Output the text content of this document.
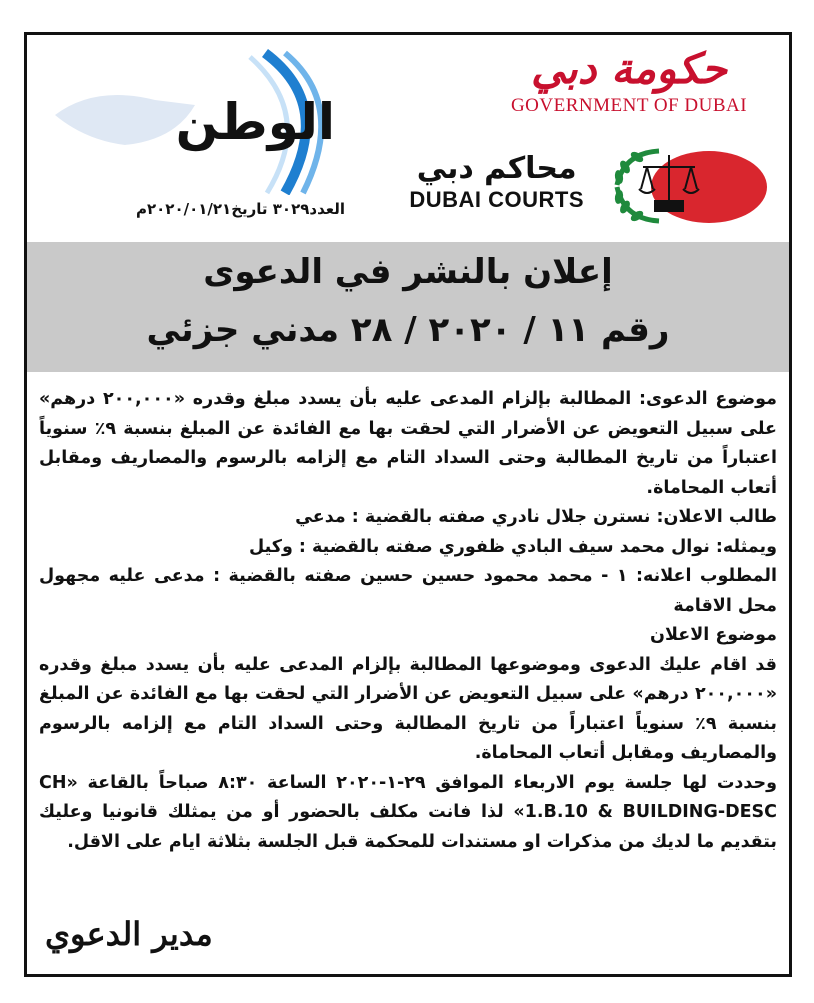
حكومة دبي
GOVERNMENT OF DUBAI
محاكم دبي
DUBAI COURTS
الوطن
العدد٣٠٢٩ تاريخ٢٠٢٠/٠١/٢١م
إعلان بالنشر في الدعوى
رقم ١١ / ٢٠٢٠ / ٢٨ مدني جزئي

موضوع الدعوى: المطالبة بإلزام المدعى عليه بأن يسدد مبلغ وقدره «٢٠٠,٠٠٠ درهم» على سبيل التعويض عن الأضرار التي لحقت بها مع الفائدة عن المبلغ بنسبة ٩٪ سنوياً اعتباراً من تاريخ المطالبة وحتى السداد التام مع إلزامه بالرسوم والمصاريف ومقابل أتعاب المحاماة.

طالب الاعلان: نسترن جلال نادري صفته بالقضية : مدعي

ويمثله: نوال محمد سيف البادي ظفوري صفته بالقضية : وكيل

المطلوب اعلانه: ١ - محمد محمود حسين حسين صفته بالقضية : مدعى عليه مجهول محل الاقامة

موضوع الاعلان

قد اقام عليك الدعوى وموضوعها المطالبة بإلزام المدعى عليه بأن يسدد مبلغ وقدره «٢٠٠,٠٠٠ درهم» على سبيل التعويض عن الأضرار التي لحقت بها مع الفائدة عن المبلغ بنسبة ٩٪ سنوياً اعتباراً من تاريخ المطالبة وحتى السداد التام مع إلزامه بالرسوم والمصاريف ومقابل أتعاب المحاماة.

وحددت لها جلسة يوم الاربعاء الموافق ٢٩-١-٢٠٢٠ الساعة ٨:٣٠ صباحاً بالقاعة «CH 1.B.10 & BUILDING-DESC» لذا فانت مكلف بالحضور أو من يمثلك قانونيا وعليك بتقديم ما لديك من مذكرات او مستندات للمحكمة قبل الجلسة بثلاثة ايام على الاقل.

مدير الدعوي
